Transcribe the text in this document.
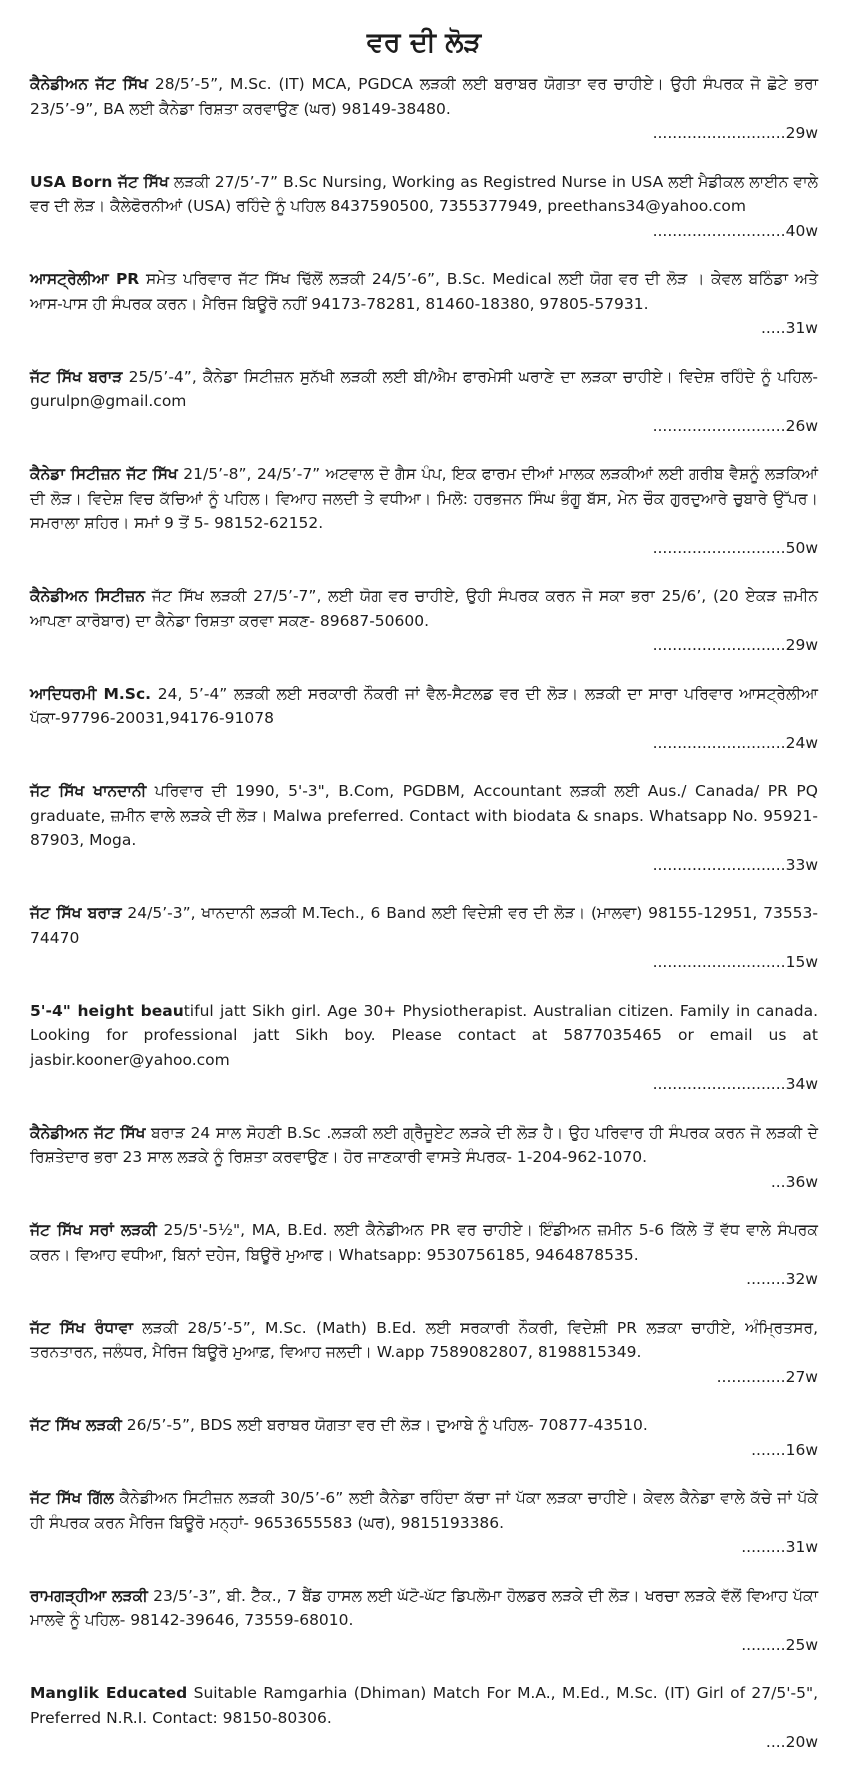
ਵਰ ਦੀ ਲੋੜ
ਕੈਨੇਡੀਅਨ ਜੱਟ ਸਿੱਖ 28/5’-5”, M.Sc. (IT) MCA, PGDCA ਲੜਕੀ ਲਈ ਬਰਾਬਰ ਯੋਗਤਾ ਵਰ ਚਾਹੀਏ। ਉਹੀ ਸੰਪਰਕ ਜੋ ਛੋਟੇ ਭਰਾ 23/5’-9”, BA ਲਈ ਕੈਨੇਡਾ ਰਿਸ਼ਤਾ ਕਰਵਾਉਣ (ਘਰ) 98149-38480.
...........................29w
USA Born ਜੱਟ ਸਿੱਖ ਲੜਕੀ 27/5’-7” B.Sc Nursing, Working as Registred Nurse in USA ਲਈ ਮੈਡੀਕਲ ਲਾਈਨ ਵਾਲੇ ਵਰ ਦੀ ਲੋੜ। ਕੈਲੇਫੋਰਨੀਆਂ (USA) ਰਹਿੰਦੇ ਨੂੰ ਪਹਿਲ 8437590500, 7355377949, preethans34@yahoo.com
...........................40w
ਆਸਟ੍ਰੇਲੀਆ PR ਸਮੇਤ ਪਰਿਵਾਰ ਜੱਟ ਸਿੱਖ ਢਿੱਲੋਂ ਲੜਕੀ 24/5’-6”, B.Sc. Medical ਲਈ ਯੋਗ ਵਰ ਦੀ ਲੋੜ । ਕੇਵਲ ਬਠਿੰਡਾ ਅਤੇ ਆਸ-ਪਾਸ ਹੀ ਸੰਪਰਕ ਕਰਨ। ਮੈਰਿਜ ਬਿਊਰੋ ਨਹੀਂ 94173-78281, 81460-18380, 97805-57931.
.....31w
ਜੱਟ ਸਿੱਖ ਬਰਾੜ 25/5’-4”, ਕੈਨੇਡਾ ਸਿਟੀਜ਼ਨ ਸੁਨੱਖੀ ਲੜਕੀ ਲਈ ਬੀ/ਐਮ ਫਾਰਮੇਸੀ ਘਰਾਣੇ ਦਾ ਲੜਕਾ ਚਾਹੀਏ। ਵਿਦੇਸ਼ ਰਹਿੰਦੇ ਨੂੰ ਪਹਿਲ- gurulpn@gmail.com
...........................26w
ਕੈਨੇਡਾ ਸਿਟੀਜ਼ਨ ਜੱਟ ਸਿੱਖ 21/5’-8”, 24/5’-7” ਅਟਵਾਲ ਦੋ ਗੈਸ ਪੰਪ, ਇਕ ਫਾਰਮ ਦੀਆਂ ਮਾਲਕ ਲੜਕੀਆਂ ਲਈ ਗਰੀਬ ਵੈਸ਼ਨੂੰ ਲੜਕਿਆਂ ਦੀ ਲੋੜ। ਵਿਦੇਸ਼ ਵਿਚ ਕੱਚਿਆਂ ਨੂੰ ਪਹਿਲ। ਵਿਆਹ ਜਲਦੀ ਤੇ ਵਧੀਆ। ਮਿਲੋ: ਹਰਭਜਨ ਸਿੰਘ ਭੰਗੂ ਬੱਸ, ਮੇਨ ਚੌਕ ਗੁਰਦੁਆਰੇ ਚੁਬਾਰੇ ਉੱਪਰ। ਸਮਰਾਲਾ ਸ਼ਹਿਰ। ਸਮਾਂ 9 ਤੋਂ 5- 98152-62152.
...........................50w
ਕੈਨੇਡੀਅਨ ਸਿਟੀਜ਼ਨ ਜੱਟ ਸਿੱਖ ਲੜਕੀ 27/5’-7”, ਲਈ ਯੋਗ ਵਰ ਚਾਹੀਏ, ਉਹੀ ਸੰਪਰਕ ਕਰਨ ਜੋ ਸਕਾ ਭਰਾ 25/6’, (20 ਏਕੜ ਜ਼ਮੀਨ ਆਪਣਾ ਕਾਰੋਬਾਰ) ਦਾ ਕੈਨੇਡਾ ਰਿਸ਼ਤਾ ਕਰਵਾ ਸਕਣ- 89687-50600.
...........................29w
ਆਦਿਧਰਮੀ M.Sc. 24, 5’-4” ਲੜਕੀ ਲਈ ਸਰਕਾਰੀ ਨੌਕਰੀ ਜਾਂ ਵੈਲ-ਸੈਟਲਡ ਵਰ ਦੀ ਲੋੜ। ਲੜਕੀ ਦਾ ਸਾਰਾ ਪਰਿਵਾਰ ਆਸਟ੍ਰੇਲੀਆ ਪੱਕਾ-97796-20031,94176-91078
...........................24w
ਜੱਟ ਸਿੱਖ ਖਾਨਦਾਨੀ ਪਰਿਵਾਰ ਦੀ 1990, 5'-3", B.Com, PGDBM, Accountant ਲੜਕੀ ਲਈ Aus./ Canada/ PR PQ graduate, ਜ਼ਮੀਨ ਵਾਲੇ ਲੜਕੇ ਦੀ ਲੋੜ। Malwa preferred. Contact with biodata & snaps. Whatsapp No. 95921-87903, Moga.
...........................33w
ਜੱਟ ਸਿੱਖ ਬਰਾੜ 24/5’-3”, ਖਾਨਦਾਨੀ ਲੜਕੀ M.Tech., 6 Band ਲਈ ਵਿਦੇਸ਼ੀ ਵਰ ਦੀ ਲੋੜ। (ਮਾਲਵਾ) 98155-12951, 73553-74470
...........................15w
5'-4" height beautiful jatt Sikh girl. Age 30+ Physiotherapist. Australian citizen. Family in canada. Looking for professional jatt Sikh boy. Please contact at 5877035465 or email us at jasbir.kooner@yahoo.com
...........................34w
ਕੈਨੇਡੀਅਨ ਜੱਟ ਸਿੱਖ ਬਰਾੜ 24 ਸਾਲ ਸੋਹਣੀ B.Sc .ਲੜਕੀ ਲਈ ਗ੍ਰੈਜੂਏਟ ਲੜਕੇ ਦੀ ਲੋੜ ਹੈ। ਉਹ ਪਰਿਵਾਰ ਹੀ ਸੰਪਰਕ ਕਰਨ ਜੋ ਲੜਕੀ ਦੇ ਰਿਸ਼ਤੇਦਾਰ ਭਰਾ 23 ਸਾਲ ਲੜਕੇ ਨੂੰ ਰਿਸ਼ਤਾ ਕਰਵਾਉਣ। ਹੋਰ ਜਾਣਕਾਰੀ ਵਾਸਤੇ ਸੰਪਰਕ- 1-204-962-1070.
...36w
ਜੱਟ ਸਿੱਖ ਸਰਾਂ ਲੜਕੀ 25/5'-5½", MA, B.Ed. ਲਈ ਕੈਨੇਡੀਅਨ PR ਵਰ ਚਾਹੀਏ। ਇੰਡੀਅਨ ਜ਼ਮੀਨ 5-6 ਕਿੱਲੇ ਤੋਂ ਵੱਧ ਵਾਲੇ ਸੰਪਰਕ ਕਰਨ। ਵਿਆਹ ਵਧੀਆ, ਬਿਨਾਂ ਦਹੇਜ, ਬਿਊਰੋ ਮੁਆਫ। Whatsapp: 9530756185, 9464878535.
........32w
ਜੱਟ ਸਿੱਖ ਰੰਧਾਵਾ ਲੜਕੀ 28/5’-5”, M.Sc. (Math) B.Ed. ਲਈ ਸਰਕਾਰੀ ਨੌਕਰੀ, ਵਿਦੇਸ਼ੀ PR ਲੜਕਾ ਚਾਹੀਏ, ਅੰਮ੍ਰਿਤਸਰ, ਤਰਨਤਾਰਨ, ਜਲੰਧਰ, ਮੈਰਿਜ ਬਿਊਰੋ ਮੁਆਫ਼, ਵਿਆਹ ਜਲਦੀ। W.app 7589082807, 8198815349.
..............27w
ਜੱਟ ਸਿੱਖ ਲੜਕੀ 26/5’-5”, BDS ਲਈ ਬਰਾਬਰ ਯੋਗਤਾ ਵਰ ਦੀ ਲੋੜ। ਦੁਆਬੇ ਨੂੰ ਪਹਿਲ- 70877-43510.
.......16w
ਜੱਟ ਸਿੱਖ ਗਿੱਲ ਕੈਨੇਡੀਅਨ ਸਿਟੀਜ਼ਨ ਲੜਕੀ 30/5’-6” ਲਈ ਕੈਨੇਡਾ ਰਹਿੰਦਾ ਕੱਚਾ ਜਾਂ ਪੱਕਾ ਲੜਕਾ ਚਾਹੀਏ। ਕੇਵਲ ਕੈਨੇਡਾ ਵਾਲੇ ਕੱਚੇ ਜਾਂ ਪੱਕੇ ਹੀ ਸੰਪਰਕ ਕਰਨ ਮੈਰਿਜ ਬਿਊਰੋ ਮਨ੍ਹਾਂ- 9653655583 (ਘਰ), 9815193386.
.........31w
ਰਾਮਗੜ੍ਹੀਆ ਲੜਕੀ 23/5’-3”, ਬੀ. ਟੈੱਕ., 7 ਬੈਂਡ ਹਾਸਲ ਲਈ ਘੱਟੋ-ਘੱਟ ਡਿਪਲੋਮਾ ਹੋਲਡਰ ਲੜਕੇ ਦੀ ਲੋੜ। ਖਰਚਾ ਲੜਕੇ ਵੱਲੋਂ ਵਿਆਹ ਪੱਕਾ ਮਾਲਵੇ ਨੂੰ ਪਹਿਲ- 98142-39646, 73559-68010.
.........25w
Manglik Educated Suitable Ramgarhia (Dhiman) Match For M.A., M.Ed., M.Sc. (IT) Girl of 27/5'-5", Preferred N.R.I. Contact: 98150-80306.
....20w
